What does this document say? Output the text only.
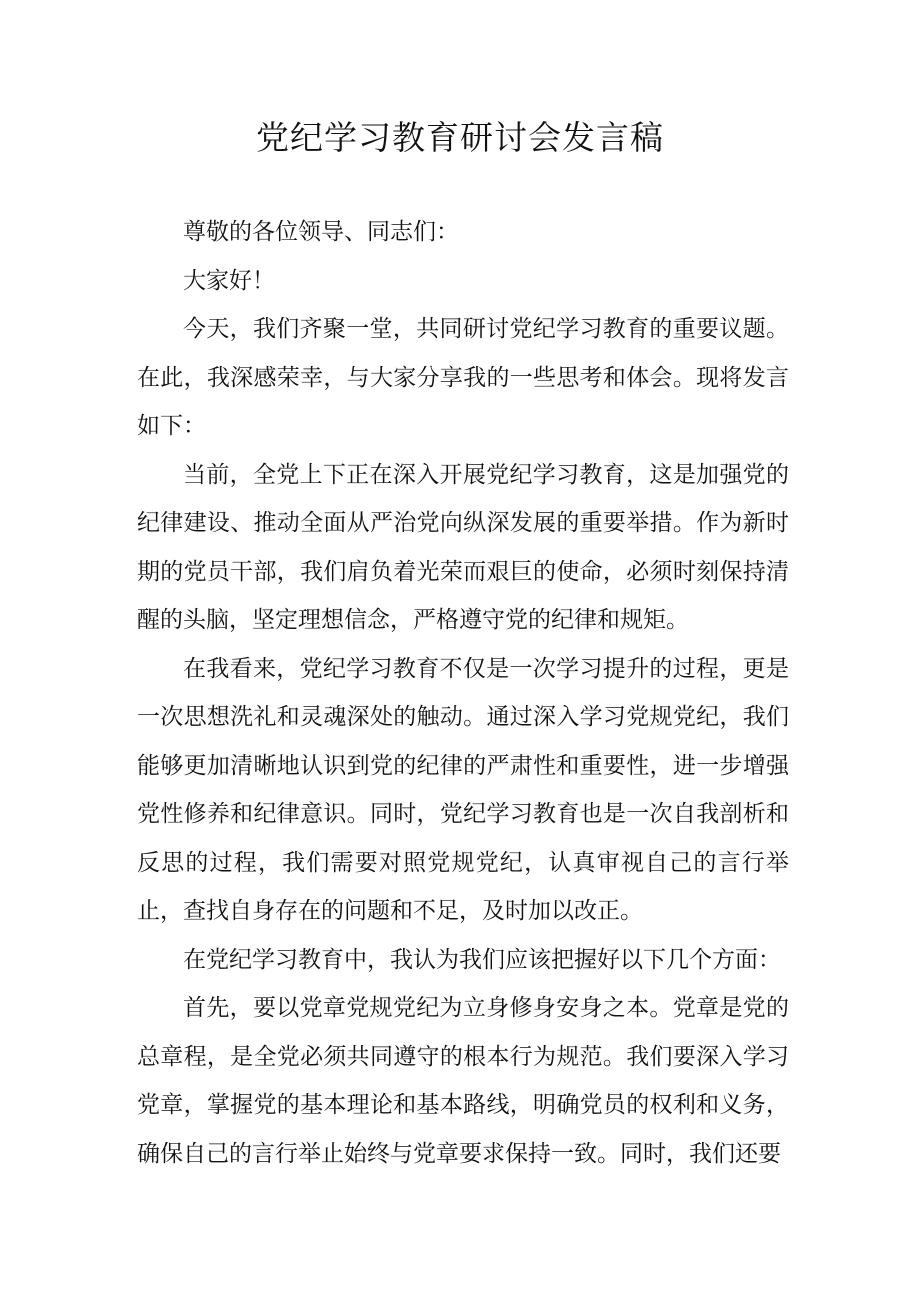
党纪学习教育研讨会发言稿

尊敬的各位领导、同志们：

大家好！

今天，我们齐聚一堂，共同研讨党纪学习教育的重要议题。在此，我深感荣幸，与大家分享我的一些思考和体会。现将发言如下：

当前，全党上下正在深入开展党纪学习教育，这是加强党的纪律建设、推动全面从严治党向纵深发展的重要举措。作为新时期的党员干部，我们肩负着光荣而艰巨的使命，必须时刻保持清醒的头脑，坚定理想信念，严格遵守党的纪律和规矩。

在我看来，党纪学习教育不仅是一次学习提升的过程，更是一次思想洗礼和灵魂深处的触动。通过深入学习党规党纪，我们能够更加清晰地认识到党的纪律的严肃性和重要性，进一步增强党性修养和纪律意识。同时，党纪学习教育也是一次自我剖析和反思的过程，我们需要对照党规党纪，认真审视自己的言行举止，查找自身存在的问题和不足，及时加以改正。

在党纪学习教育中，我认为我们应该把握好以下几个方面：

首先，要以党章党规党纪为立身修身安身之本。党章是党的总章程，是全党必须共同遵守的根本行为规范。我们要深入学习党章，掌握党的基本理论和基本路线，明确党员的权利和义务，确保自己的言行举止始终与党章要求保持一致。同时，我们还要
